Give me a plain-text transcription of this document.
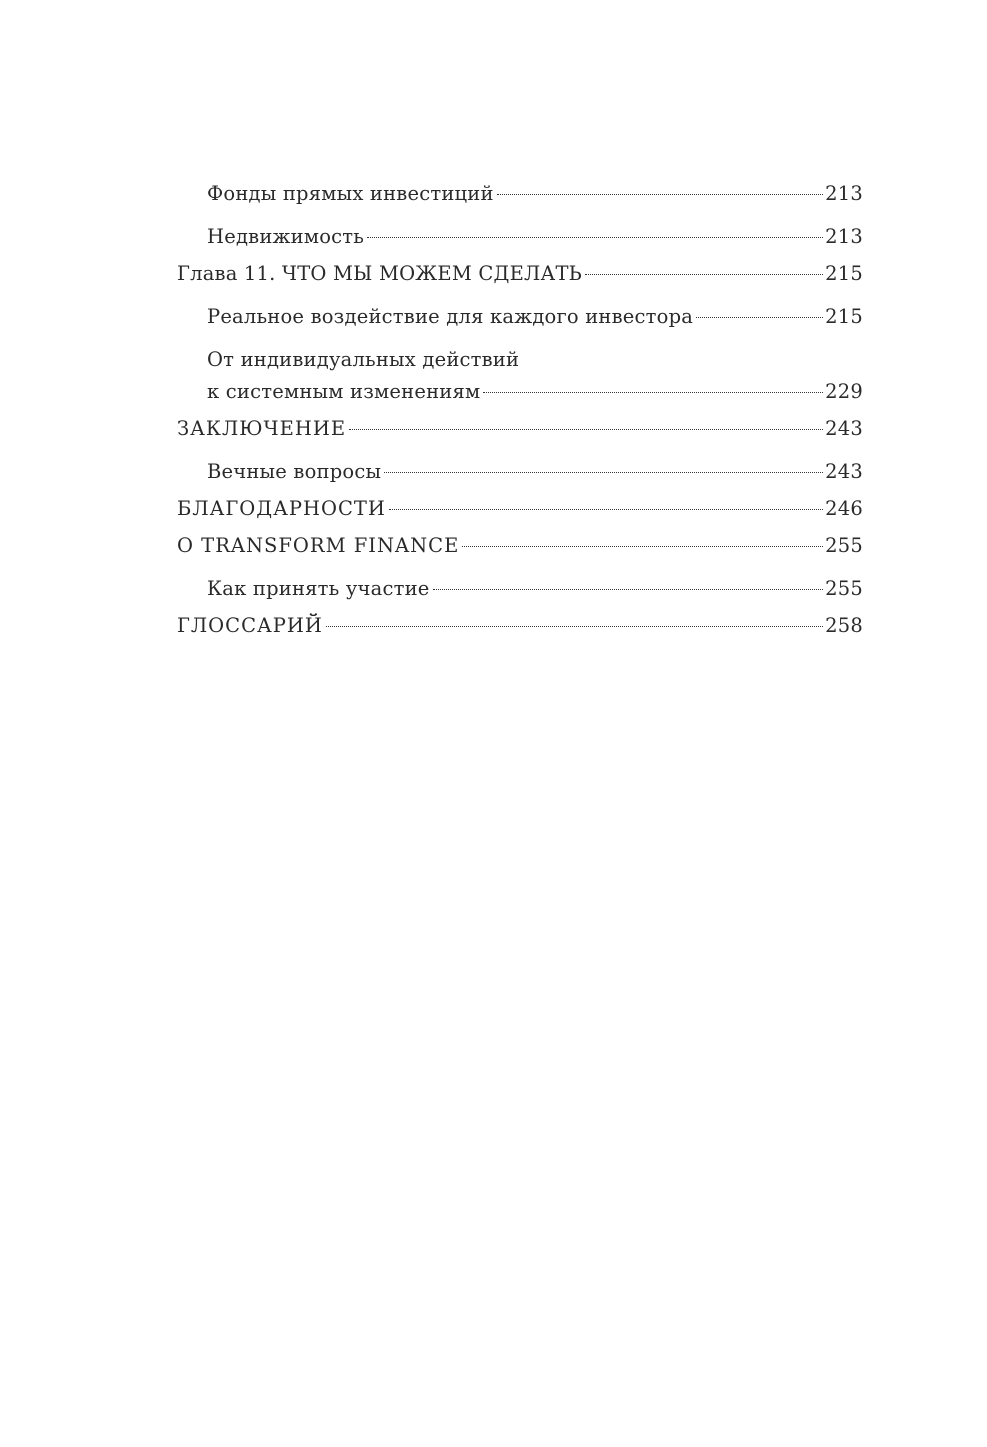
Фонды прямых инвестиций	213
Недвижимость	213
Глава 11. ЧТО МЫ МОЖЕМ СДЕЛАТЬ	215
Реальное воздействие для каждого инвестора	215
От индивидуальных действий
к системным изменениям	229
ЗАКЛЮЧЕНИЕ	243
Вечные вопросы	243
БЛАГОДАРНОСТИ	246
О TRANSFORM FINANCE	255
Как принять участие	255
ГЛОССАРИЙ	258
